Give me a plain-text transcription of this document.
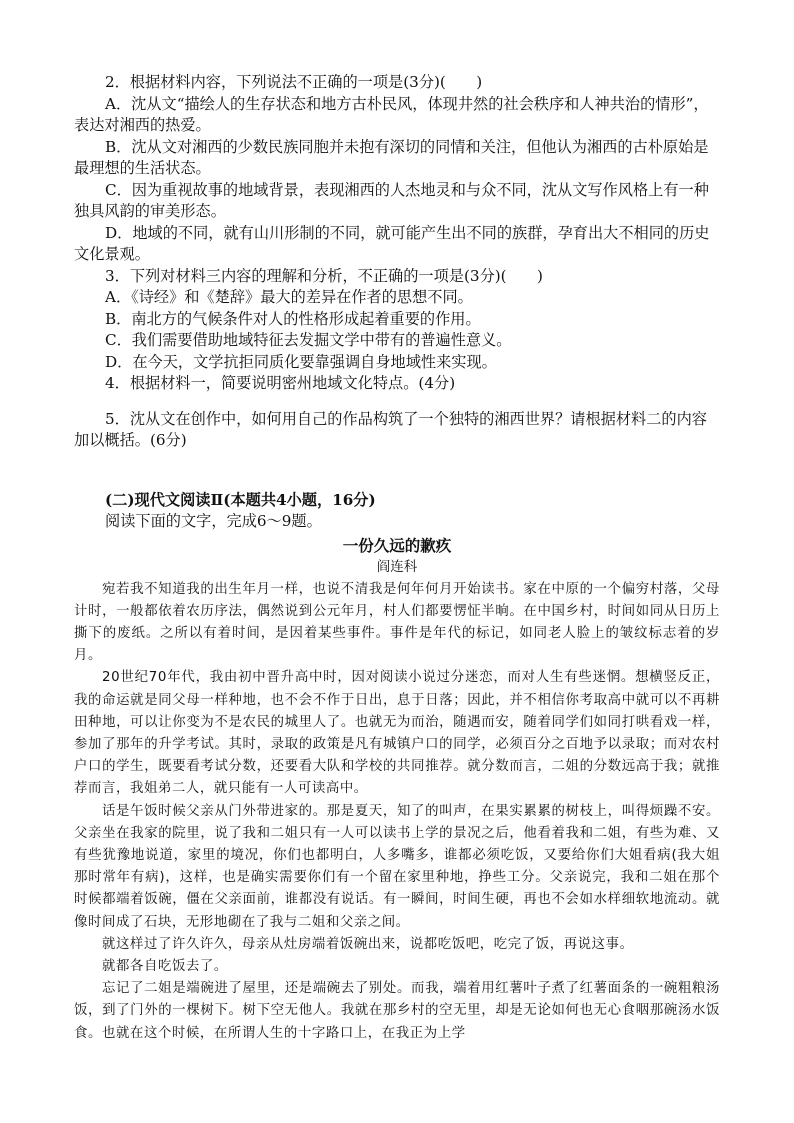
2．根据材料内容，下列说法不正确的一项是(3分)(　　)

A．沈从文“描绘人的生存状态和地方古朴民风，体现井然的社会秩序和人神共治的情形”，表达对湘西的热爱。

B．沈从文对湘西的少数民族同胞并未抱有深切的同情和关注，但他认为湘西的古朴原始是最理想的生活状态。

C．因为重视故事的地域背景，表现湘西的人杰地灵和与众不同，沈从文写作风格上有一种独具风韵的审美形态。

D．地域的不同，就有山川形制的不同，就可能产生出不同的族群，孕育出大不相同的历史文化景观。

3．下列对材料三内容的理解和分析，不正确的一项是(3分)(　　)

A．《诗经》和《楚辞》最大的差异在作者的思想不同。

B．南北方的气候条件对人的性格形成起着重要的作用。

C．我们需要借助地域特征去发掘文学中带有的普遍性意义。

D．在今天，文学抗拒同质化要靠强调自身地域性来实现。

4．根据材料一，简要说明密州地域文化特点。(4分)

5．沈从文在创作中，如何用自己的作品构筑了一个独特的湘西世界？请根据材料二的内容加以概括。(6分)

(二)现代文阅读Ⅱ(本题共4小题，16分)

阅读下面的文字，完成6～9题。

一份久远的歉疚

阎连科

宛若我不知道我的出生年月一样，也说不清我是何年何月开始读书。家在中原的一个偏穷村落，父母计时，一般都依着农历序法，偶然说到公元年月，村人们都要愣怔半晌。在中国乡村，时间如同从日历上撕下的废纸。之所以有着时间，是因着某些事件。事件是年代的标记，如同老人脸上的皱纹标志着的岁月。

20世纪70年代，我由初中晋升高中时，因对阅读小说过分迷恋，而对人生有些迷惘。想横竖反正，我的命运就是同父母一样种地，也不会不作于日出，息于日落；因此，并不相信你考取高中就可以不再耕田种地，可以让你变为不是农民的城里人了。也就无为而治，随遇而安，随着同学们如同打哄看戏一样，参加了那年的升学考试。其时，录取的政策是凡有城镇户口的同学，必须百分之百地予以录取；而对农村户口的学生，既要看考试分数，还要看大队和学校的共同推荐。就分数而言，二姐的分数远高于我；就推荐而言，我姐弟二人，就只能有一人可读高中。

话是午饭时候父亲从门外带进家的。那是夏天，知了的叫声，在果实累累的树枝上，叫得烦躁不安。父亲坐在我家的院里，说了我和二姐只有一人可以读书上学的景况之后，他看着我和二姐，有些为难、又有些犹豫地说道，家里的境况，你们也都明白，人多嘴多，谁都必须吃饭，又要给你们大姐看病(我大姐那时常年有病)，这样，也是确实需要你们有一个留在家里种地，挣些工分。父亲说完，我和二姐在那个时候都端着饭碗，僵在父亲面前，谁都没有说话。有一瞬间，时间生硬，再也不会如水样细软地流动。就像时间成了石块，无形地砌在了我与二姐和父亲之间。

就这样过了许久许久，母亲从灶房端着饭碗出来，说都吃饭吧，吃完了饭，再说这事。

就都各自吃饭去了。

忘记了二姐是端碗进了屋里，还是端碗去了别处。而我，端着用红薯叶子煮了红薯面条的一碗粗粮汤饭，到了门外的一棵树下。树下空无他人。我就在那乡村的空无里，却是无论如何也无心食咽那碗汤水饭食。也就在这个时候，在所谓人生的十字路口上，在我正为上学
